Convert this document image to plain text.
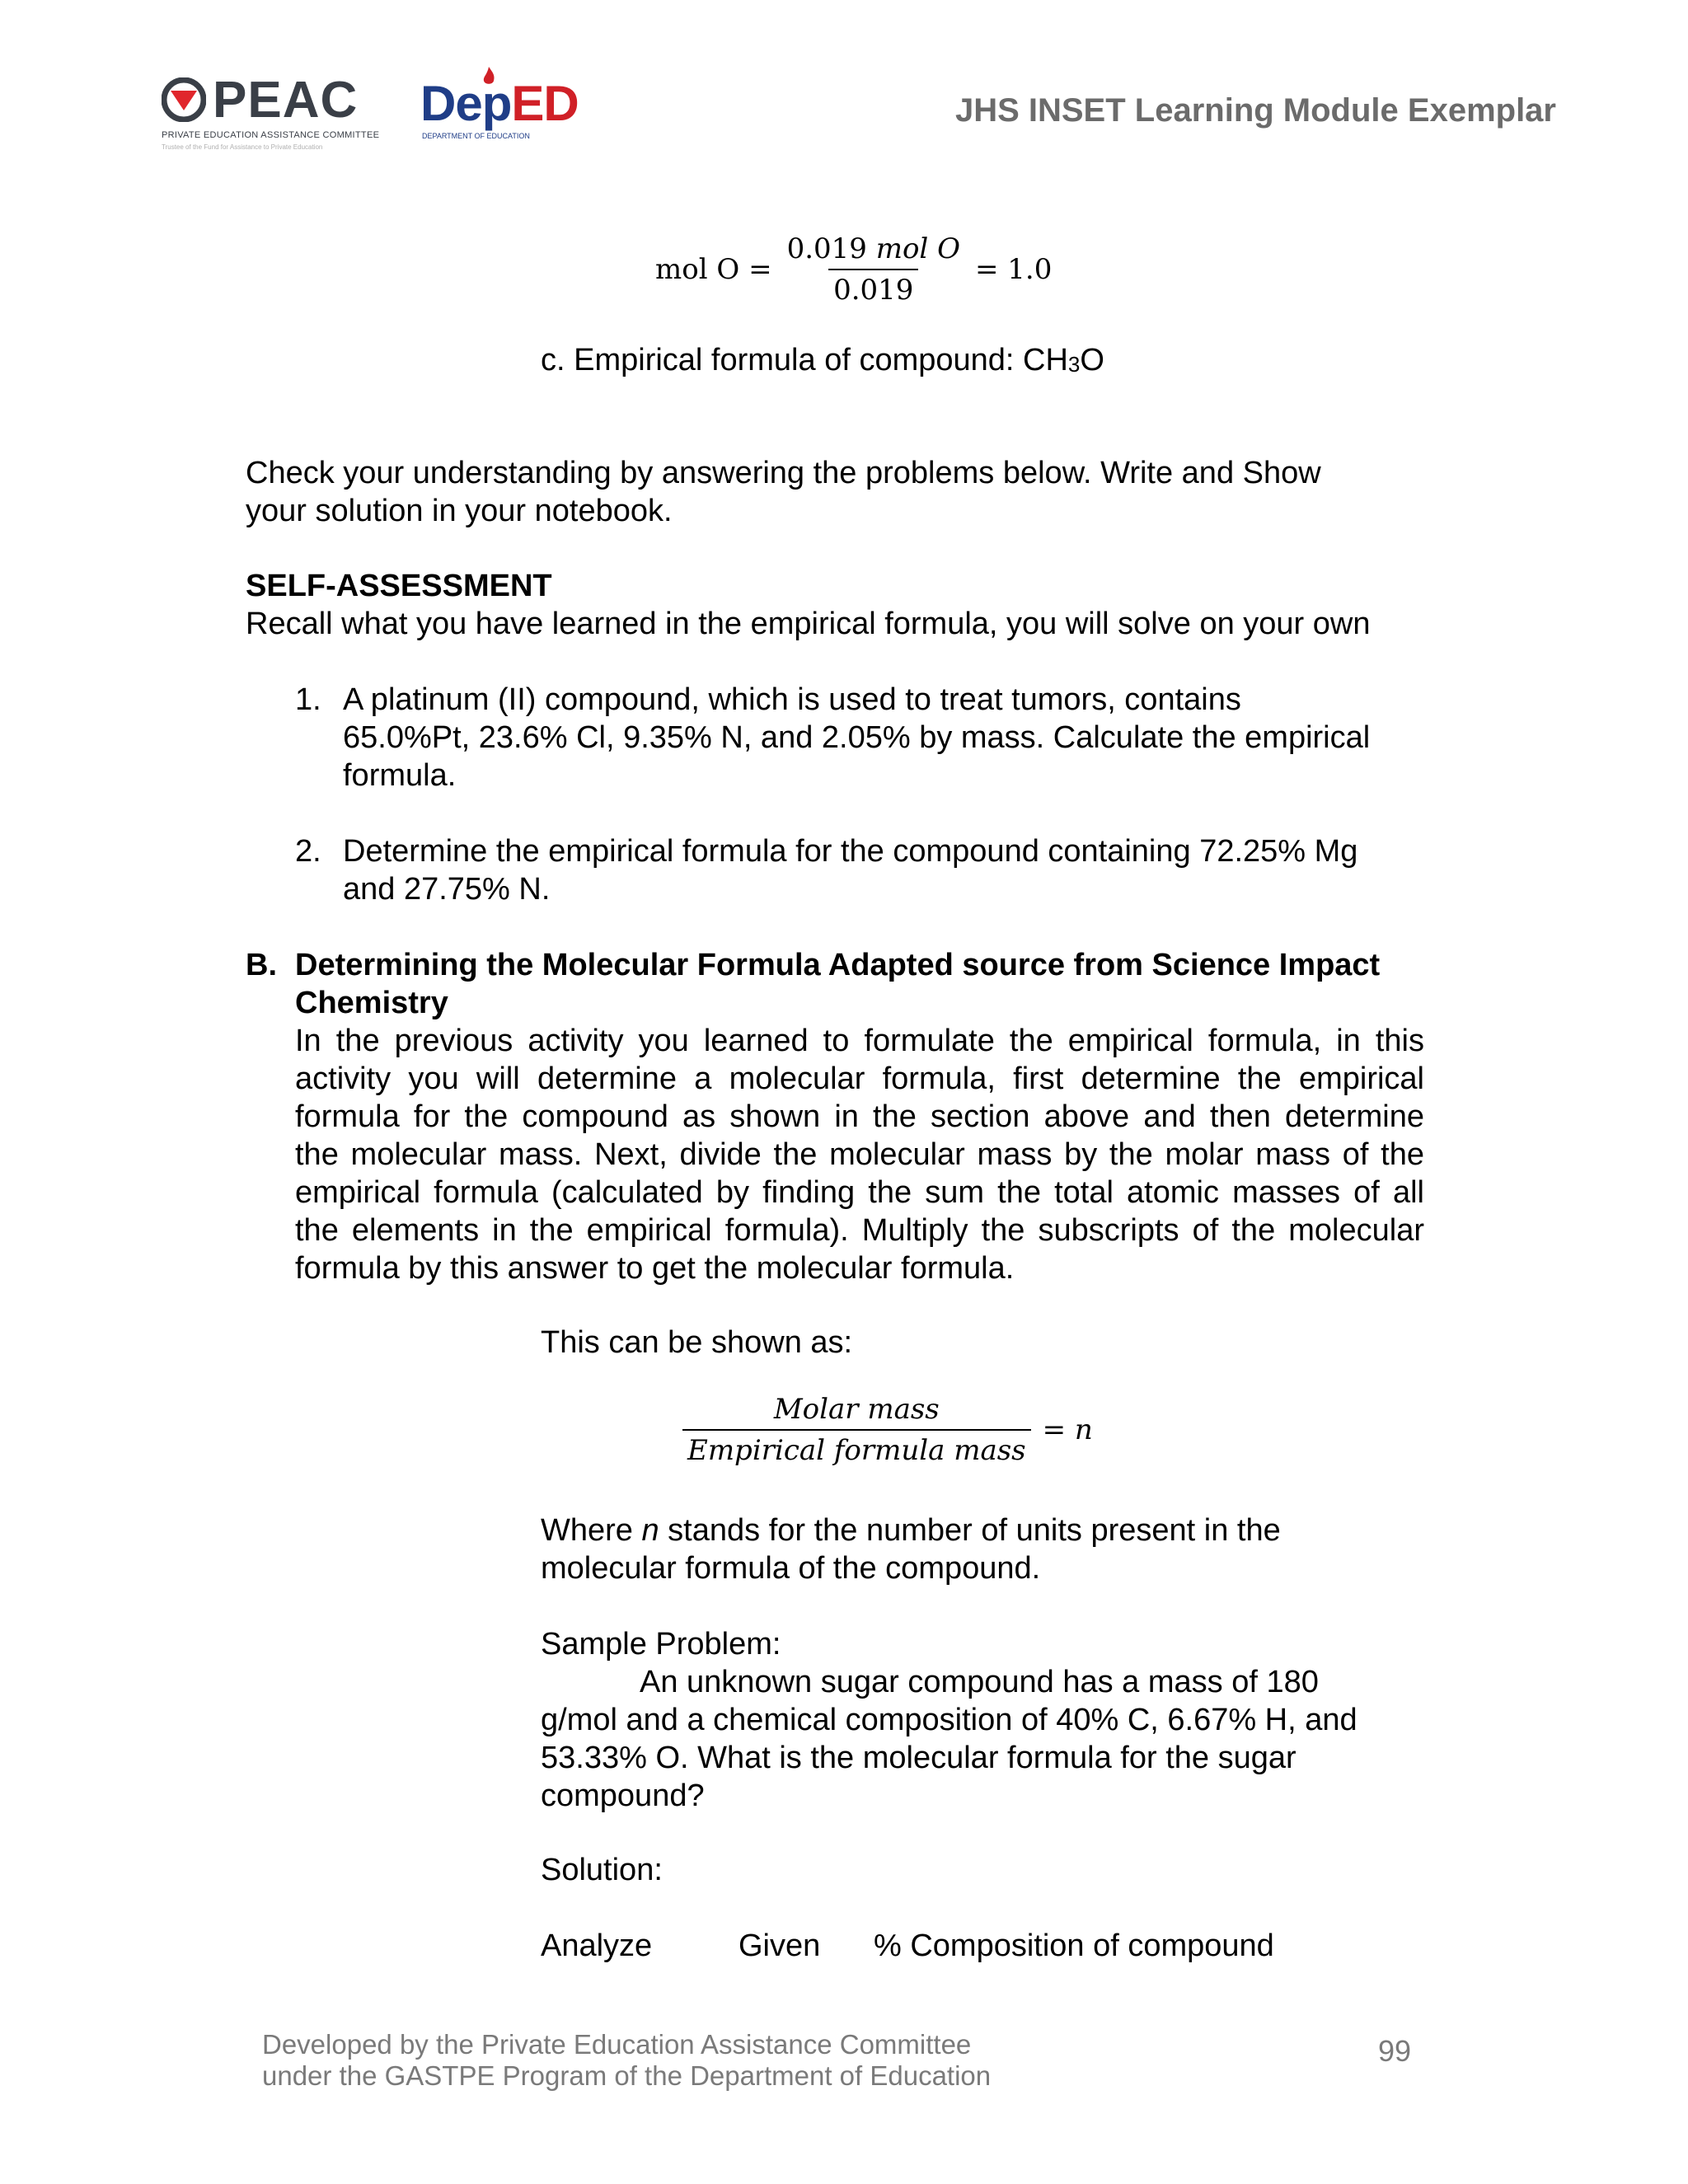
PEAC
PRIVATE EDUCATION ASSISTANCE COMMITTEE
Trustee of the Fund for Assistance to Private Education
DepED
DEPARTMENT OF EDUCATION
JHS INSET Learning Module Exemplar
mol $O = \frac{\text{0.019 mol O}}{0.019} = 1.0$
c. Empirical formula of compound: $CH_3O$
Check your understanding by answering the problems below. Write and Show
your solution in your notebook.
SELF-ASSESSMENT
Recall what you have learned in the empirical formula, you will solve on your own
1. A platinum (II) compound, which is used to treat tumors, contains
65.0%Pt, 23.6% Cl, 9.35% N, and 2.05% by mass. Calculate the empirical
formula.
2. Determine the empirical formula for the compound containing 72.25% Mg
and 27.75% N.
B. Determining the Molecular Formula Adapted source from Science Impact
Chemistry
In the previous activity you learned to formulate the empirical formula, in this
activity you will determine a molecular formula, first determine the empirical
formula for the compound as shown in the section above and then determine
the molecular mass. Next, divide the molecular mass by the molar mass of the
empirical formula (calculated by finding the sum the total atomic masses of all
the elements in the empirical formula). Multiply the subscripts of the molecular
formula by this answer to get the molecular formula.
This can be shown as:
$\frac{\text{Molar mass}}{\text{Empirical formula mass}} = n$
Where n stands for the number of units present in the
molecular formula of the compound.
Sample Problem:
An unknown sugar compound has a mass of 180
g/mol and a chemical composition of 40% C, 6.67% H, and
53.33% O. What is the molecular formula for the sugar
compound?
Solution:
Analyze	Given % Composition of compound
Developed by the Private Education Assistance Committee
under the GASTPE Program of the Department of Education
99
